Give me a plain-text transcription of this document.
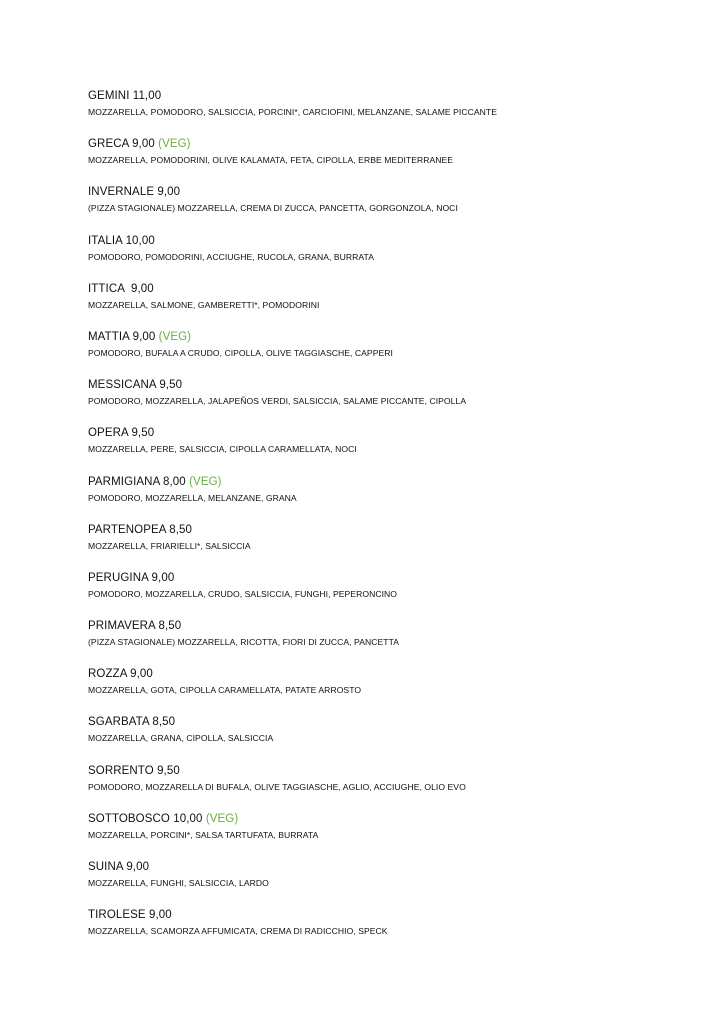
GEMINI 11,00
MOZZARELLA, POMODORO, SALSICCIA, PORCINI*, CARCIOFINI, MELANZANE, SALAME PICCANTE
GRECA 9,00 (VEG)
MOZZARELLA, POMODORINI, OLIVE KALAMATA, FETA, CIPOLLA, ERBE MEDITERRANEE
INVERNALE 9,00
(PIZZA STAGIONALE) MOZZARELLA, CREMA DI ZUCCA, PANCETTA, GORGONZOLA, NOCI
ITALIA 10,00
POMODORO, POMODORINI, ACCIUGHE, RUCOLA, GRANA, BURRATA
ITTICA  9,00
MOZZARELLA, SALMONE, GAMBERETTI*, POMODORINI
MATTIA 9,00 (VEG)
POMODORO, BUFALA A CRUDO, CIPOLLA, OLIVE TAGGIASCHE, CAPPERI
MESSICANA 9,50
POMODORO, MOZZARELLA, JALAPEÑOS VERDI, SALSICCIA, SALAME PICCANTE, CIPOLLA
OPERA 9,50
MOZZARELLA, PERE, SALSICCIA, CIPOLLA CARAMELLATA, NOCI
PARMIGIANA 8,00 (VEG)
POMODORO, MOZZARELLA, MELANZANE, GRANA
PARTENOPEA 8,50
MOZZARELLA, FRIARIELLI*, SALSICCIA
PERUGINA 9,00
POMODORO, MOZZARELLA, CRUDO, SALSICCIA, FUNGHI, PEPERONCINO
PRIMAVERA 8,50
(PIZZA STAGIONALE) MOZZARELLA, RICOTTA, FIORI DI ZUCCA, PANCETTA
ROZZA 9,00
MOZZARELLA, GOTA, CIPOLLA CARAMELLATA, PATATE ARROSTO
SGARBATA 8,50
MOZZARELLA, GRANA, CIPOLLA, SALSICCIA
SORRENTO 9,50
POMODORO, MOZZARELLA DI BUFALA, OLIVE TAGGIASCHE, AGLIO, ACCIUGHE, OLIO EVO
SOTTOBOSCO 10,00 (VEG)
MOZZARELLA, PORCINI*, SALSA TARTUFATA, BURRATA
SUINA 9,00
MOZZARELLA, FUNGHI, SALSICCIA, LARDO
TIROLESE 9,00
MOZZARELLA, SCAMORZA AFFUMICATA, CREMA DI RADICCHIO, SPECK
